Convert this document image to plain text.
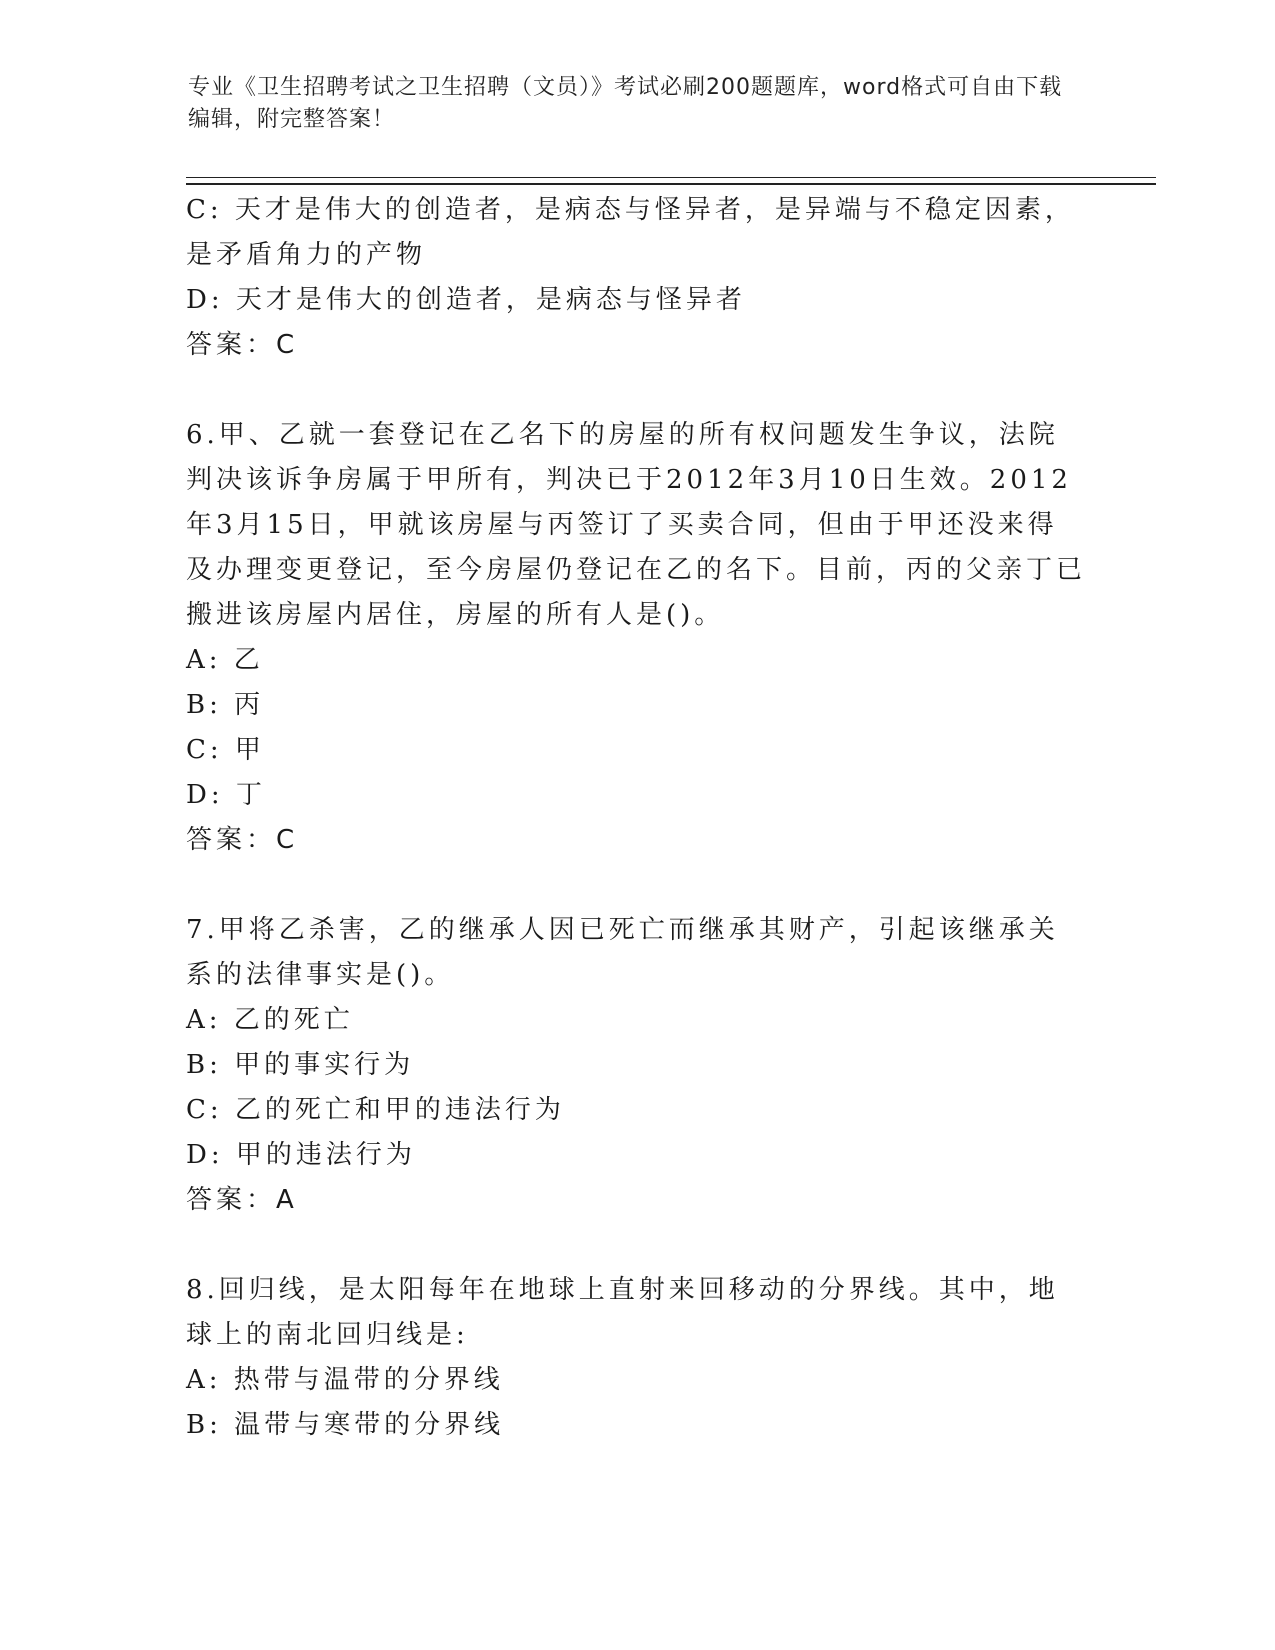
专业《卫生招聘考试之卫生招聘（文员）》考试必刷200题题库，word格式可自由下载编辑，附完整答案！

C: 天才是伟大的创造者，是病态与怪异者，是异端与不稳定因素，是矛盾角力的产物

D: 天才是伟大的创造者，是病态与怪异者

答案：C

6.甲、乙就一套登记在乙名下的房屋的所有权问题发生争议，法院判决该诉争房属于甲所有，判决已于2012年3月10日生效。2012年3月15日，甲就该房屋与丙签订了买卖合同，但由于甲还没来得及办理变更登记，至今房屋仍登记在乙的名下。目前，丙的父亲丁已搬进该房屋内居住，房屋的所有人是()。

A: 乙

B: 丙

C: 甲

D: 丁

答案：C

7.甲将乙杀害，乙的继承人因已死亡而继承其财产，引起该继承关系的法律事实是()。

A: 乙的死亡

B: 甲的事实行为

C: 乙的死亡和甲的违法行为

D: 甲的违法行为

答案：A

8.回归线，是太阳每年在地球上直射来回移动的分界线。其中，地球上的南北回归线是:

A: 热带与温带的分界线

B: 温带与寒带的分界线
